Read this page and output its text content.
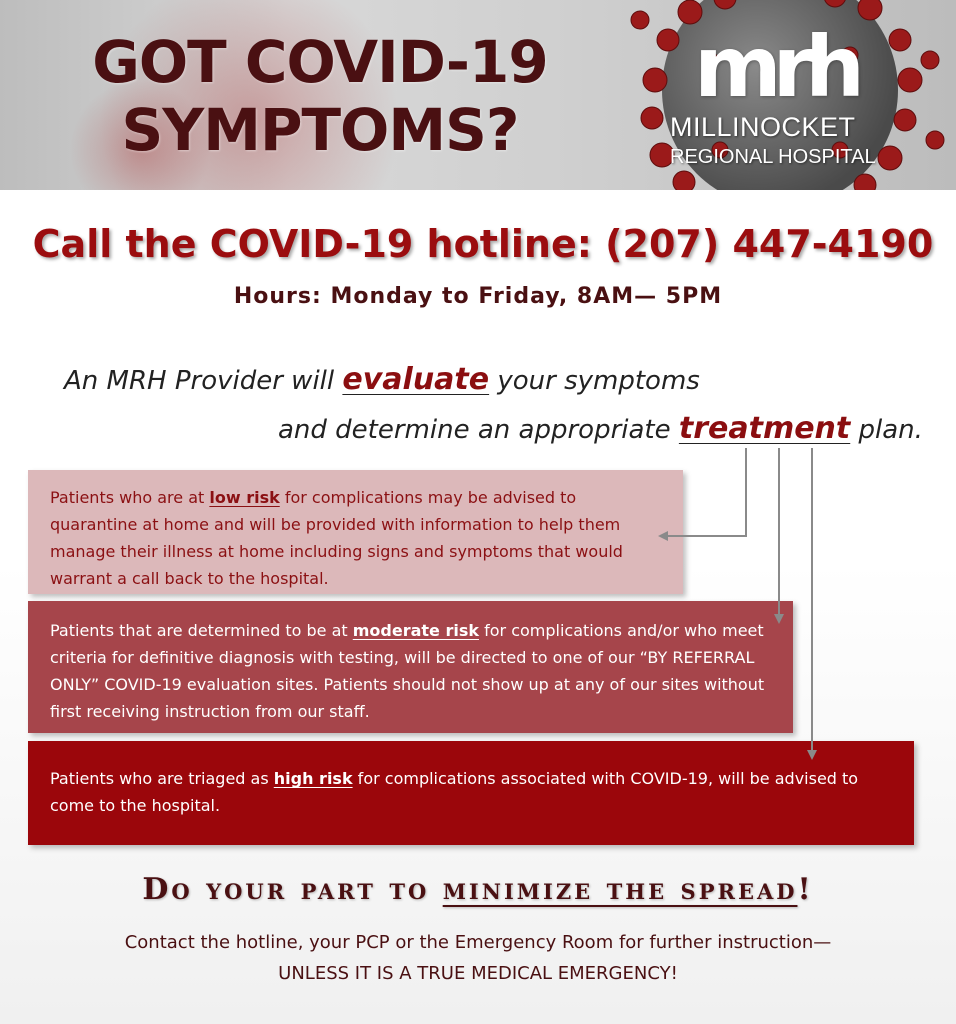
GOT COVID-19
SYMPTOMS?
mrh
MILLINOCKET
REGIONAL HOSPITAL
Call the COVID-19 hotline: (207) 447-4190
Hours: Monday to Friday, 8AM— 5PM
An MRH Provider will evaluate your symptoms
and determine an appropriate treatment plan.
Patients who are at low risk for complications may be advised to quarantine at home and will be provided with information to help them manage their illness at home including signs and symptoms that would warrant a call back to the hospital.
Patients that are determined to be at moderate risk for complications and/or who meet criteria for definitive diagnosis with testing, will be directed to one of our “BY REFERRAL ONLY” COVID-19 evaluation sites. Patients should not show up at any of our sites without first receiving instruction from our staff.
Patients who are triaged as high risk for complications associated with COVID-19, will be advised to come to the hospital.
Do your part to minimize the spread!
Contact the hotline, your PCP or the Emergency Room for further instruction—
UNLESS IT IS A TRUE MEDICAL EMERGENCY!
